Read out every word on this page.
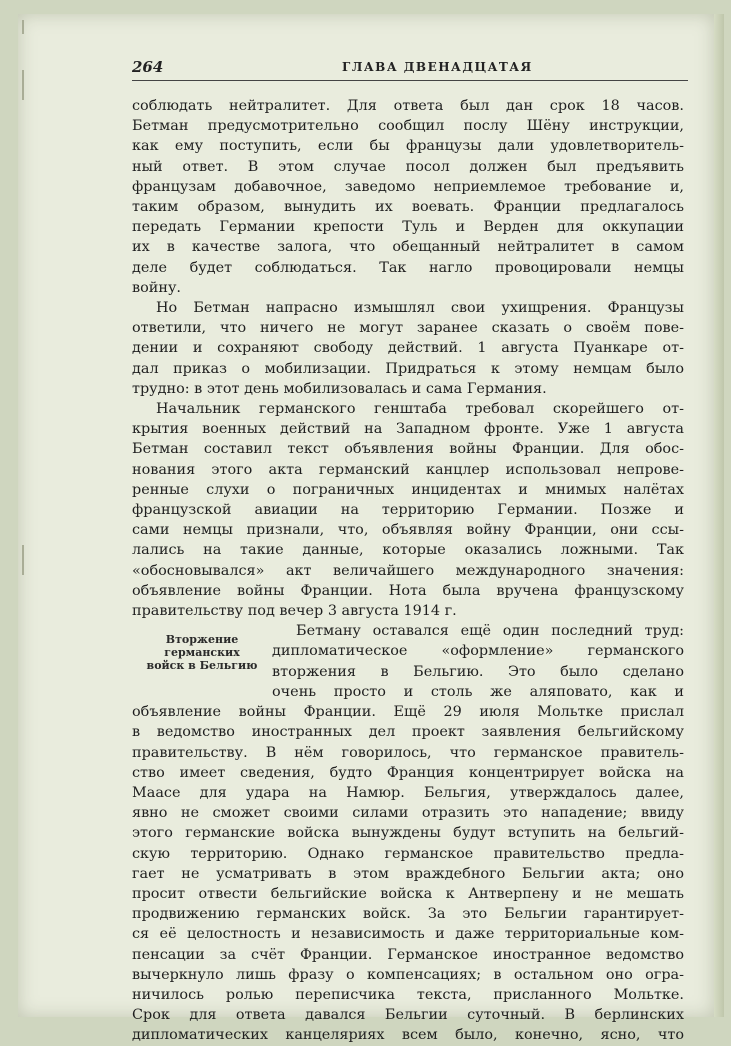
264	ГЛАВА ДВЕНАДЦАТАЯ
соблюдать нейтралитет. Для ответа был дан срок 18 часов.
Бетман предусмотрительно сообщил послу Шёну инструкции,
как ему поступить, если бы французы дали удовлетворитель-
ный ответ. В этом случае посол должен был предъявить
французам добавочное, заведомо неприемлемое требование и,
таким образом, вынудить их воевать. Франции предлагалось
передать Германии крепости Туль и Верден для оккупации
их в качестве залога, что обещанный нейтралитет в самом
деле будет соблюдаться. Так нагло провоцировали немцы
войну.
Но Бетман напрасно измышлял свои ухищрения. Французы
ответили, что ничего не могут заранее сказать о своём пове-
дении и сохраняют свободу действий. 1 августа Пуанкаре от-
дал приказ о мобилизации. Придраться к этому немцам было
трудно: в этот день мобилизовалась и сама Германия.
Начальник германского генштаба требовал скорейшего от-
крытия военных действий на Западном фронте. Уже 1 августа
Бетман составил текст объявления войны Франции. Для обос-
нования этого акта германский канцлер использовал непрове-
ренные слухи о пограничных инцидентах и мнимых налётах
французской авиации на территорию Германии. Позже и
сами немцы признали, что, объявляя войну Франции, они ссы-
лались на такие данные, которые оказались ложными. Так
«обосновывался» акт величайшего международного значения:
объявление войны Франции. Нота была вручена французскому
правительству под вечер 3 августа 1914 г.
Вторжение
германских
войск в Бельгию
Бетману оставался ещё один последний труд:
дипломатическое «оформление» германского
вторжения в Бельгию. Это было сделано
очень просто и столь же аляповато, как и
объявление войны Франции. Ещё 29 июля Мольтке прислал
в ведомство иностранных дел проект заявления бельгийскому
правительству. В нём говорилось, что германское правитель-
ство имеет сведения, будто Франция концентрирует войска на
Маасе для удара на Намюр. Бельгия, утверждалось далее,
явно не сможет своими силами отразить это нападение; ввиду
этого германские войска вынуждены будут вступить на бельгий-
скую территорию. Однако германское правительство предла-
гает не усматривать в этом враждебного Бельгии акта; оно
просит отвести бельгийские войска к Антверпену и не мешать
продвижению германских войск. За это Бельгии гарантирует-
ся её целостность и независимость и даже территориальные ком-
пенсации за счёт Франции. Германское иностранное ведомство
вычеркнуло лишь фразу о компенсациях; в остальном оно огра-
ничилось ролью переписчика текста, присланного Мольтке.
Срок для ответа давался Бельгии суточный. В берлинских
дипломатических канцеляриях всем было, конечно, ясно, что
